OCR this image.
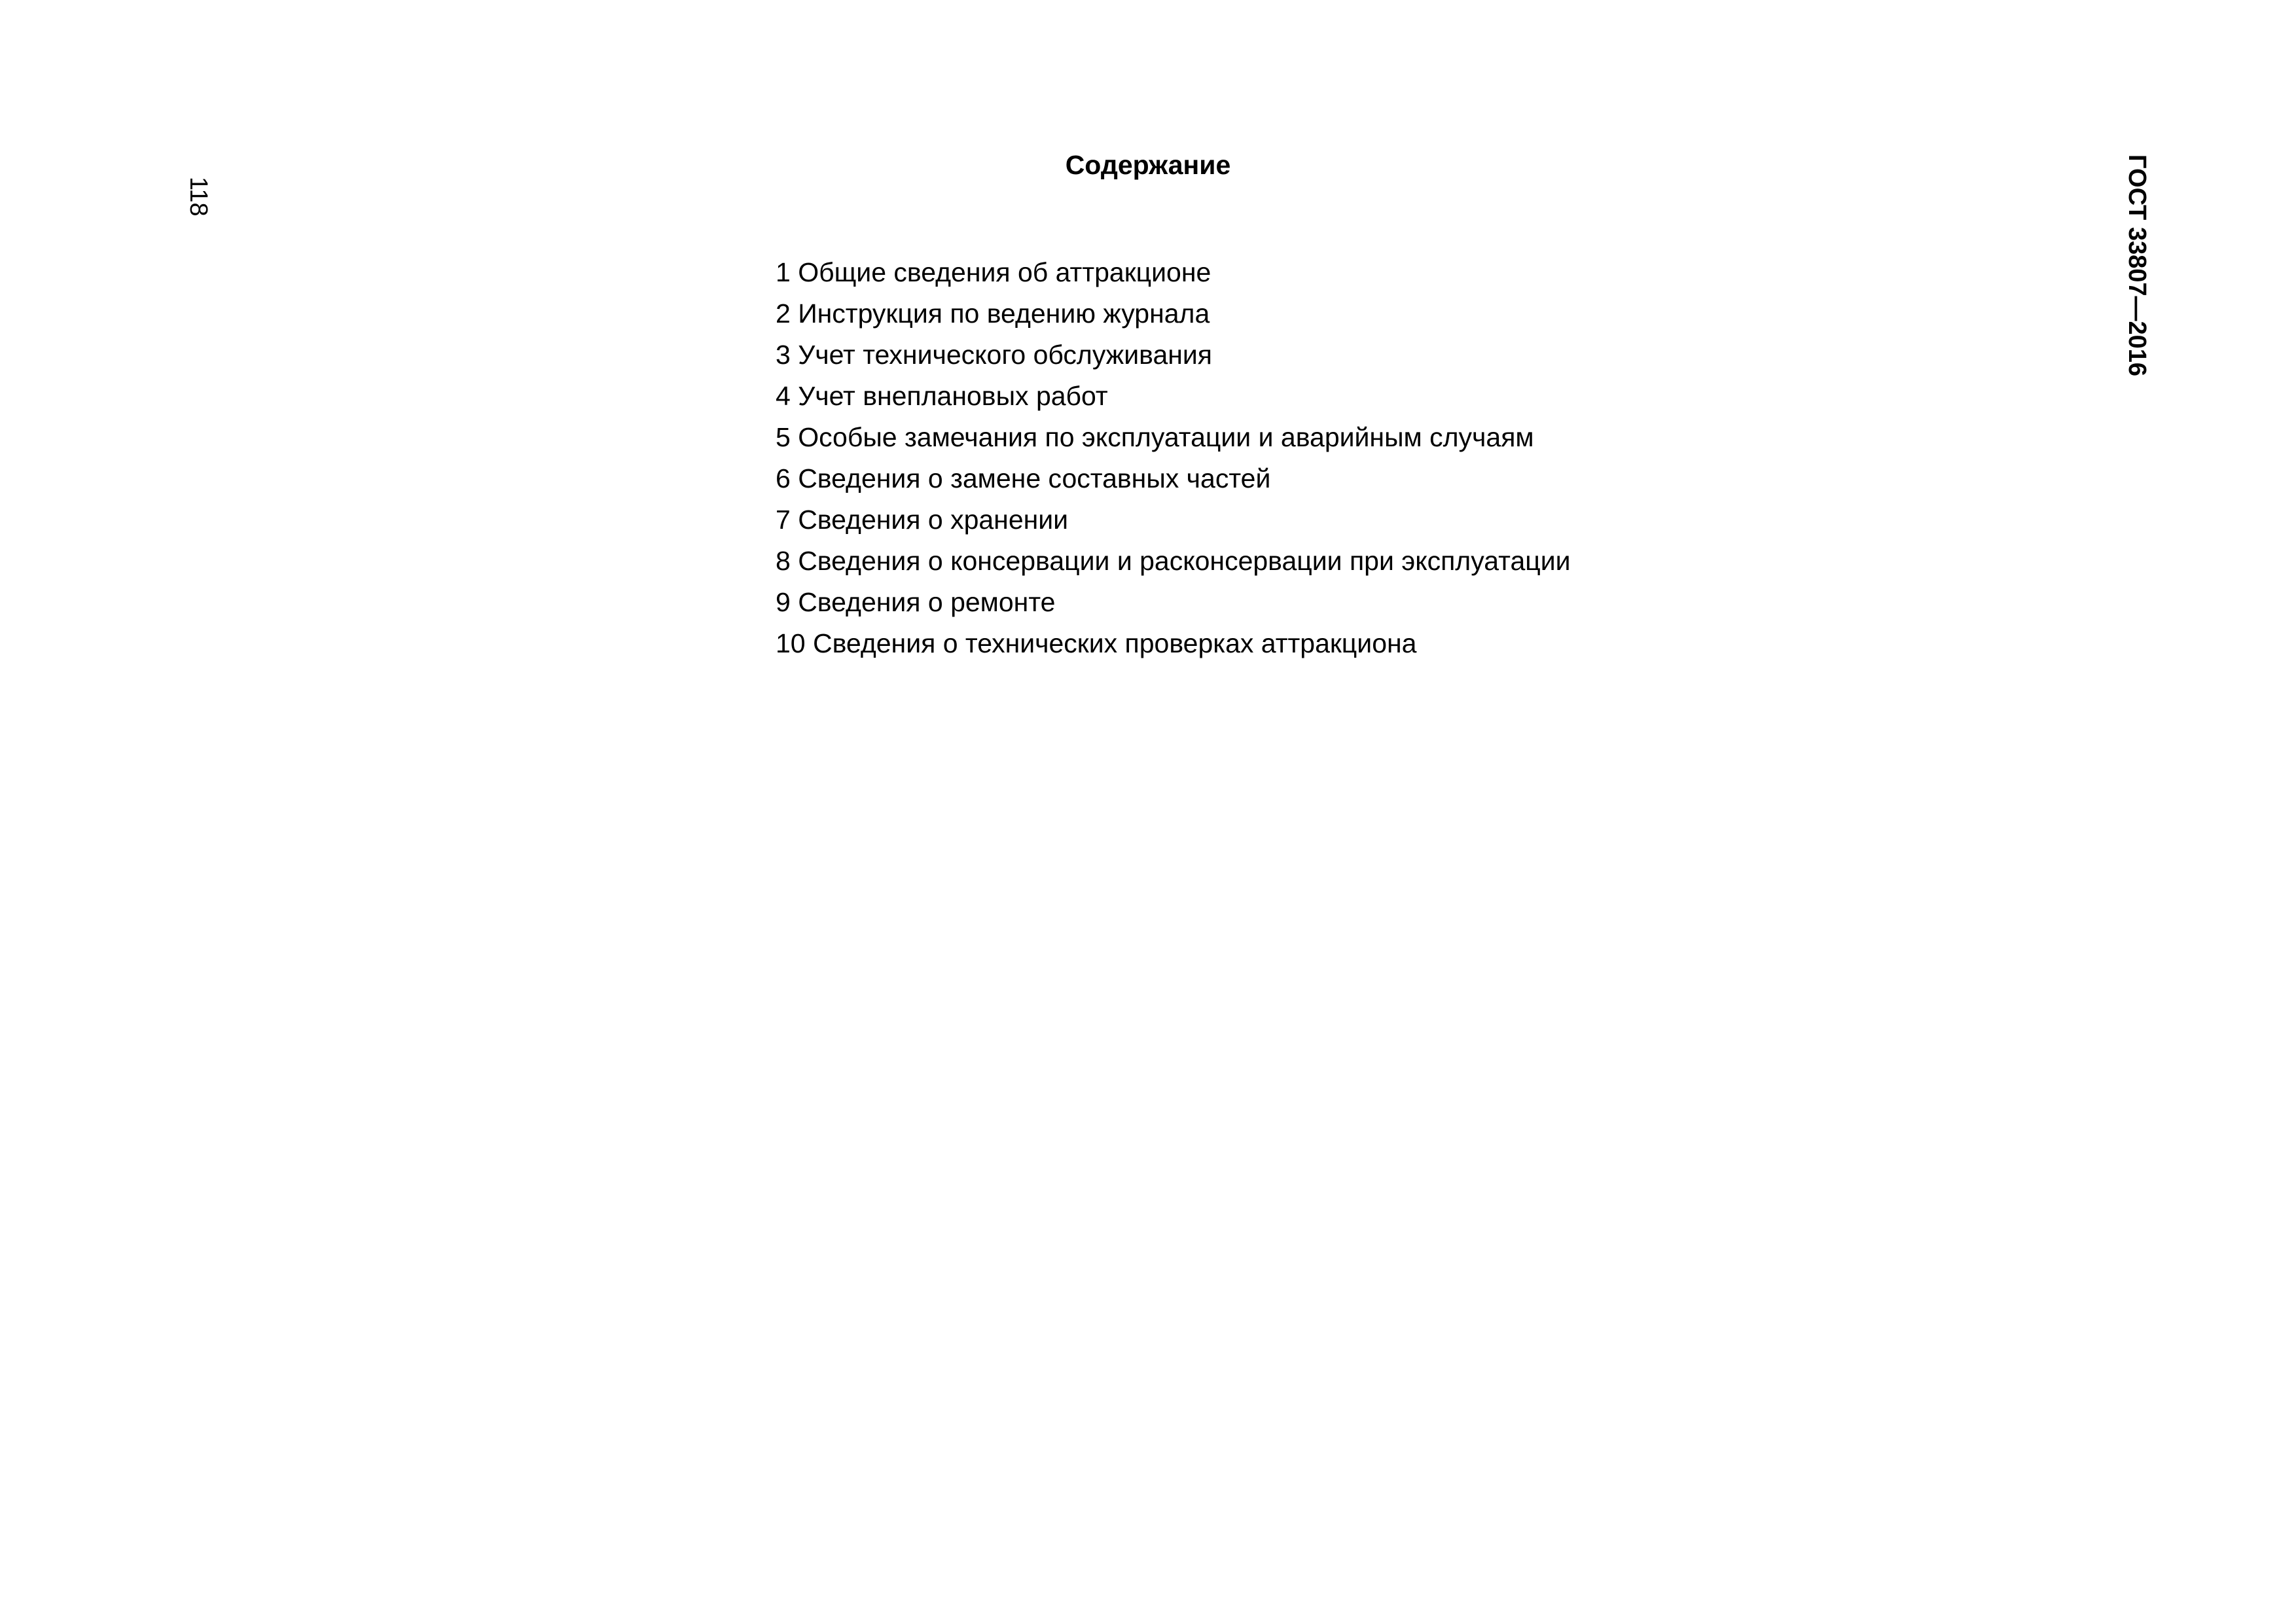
118	ГОСТ 33807—2016
Содержание
1 Общие сведения об аттракционе
2 Инструкция по ведению журнала
3 Учет технического обслуживания
4 Учет внеплановых работ
5 Особые замечания по эксплуатации и аварийным случаям
6 Сведения о замене составных частей
7 Сведения о хранении
8 Сведения о консервации и расконсервации при эксплуатации
9 Сведения о ремонте
10 Сведения о технических проверках аттракциона
